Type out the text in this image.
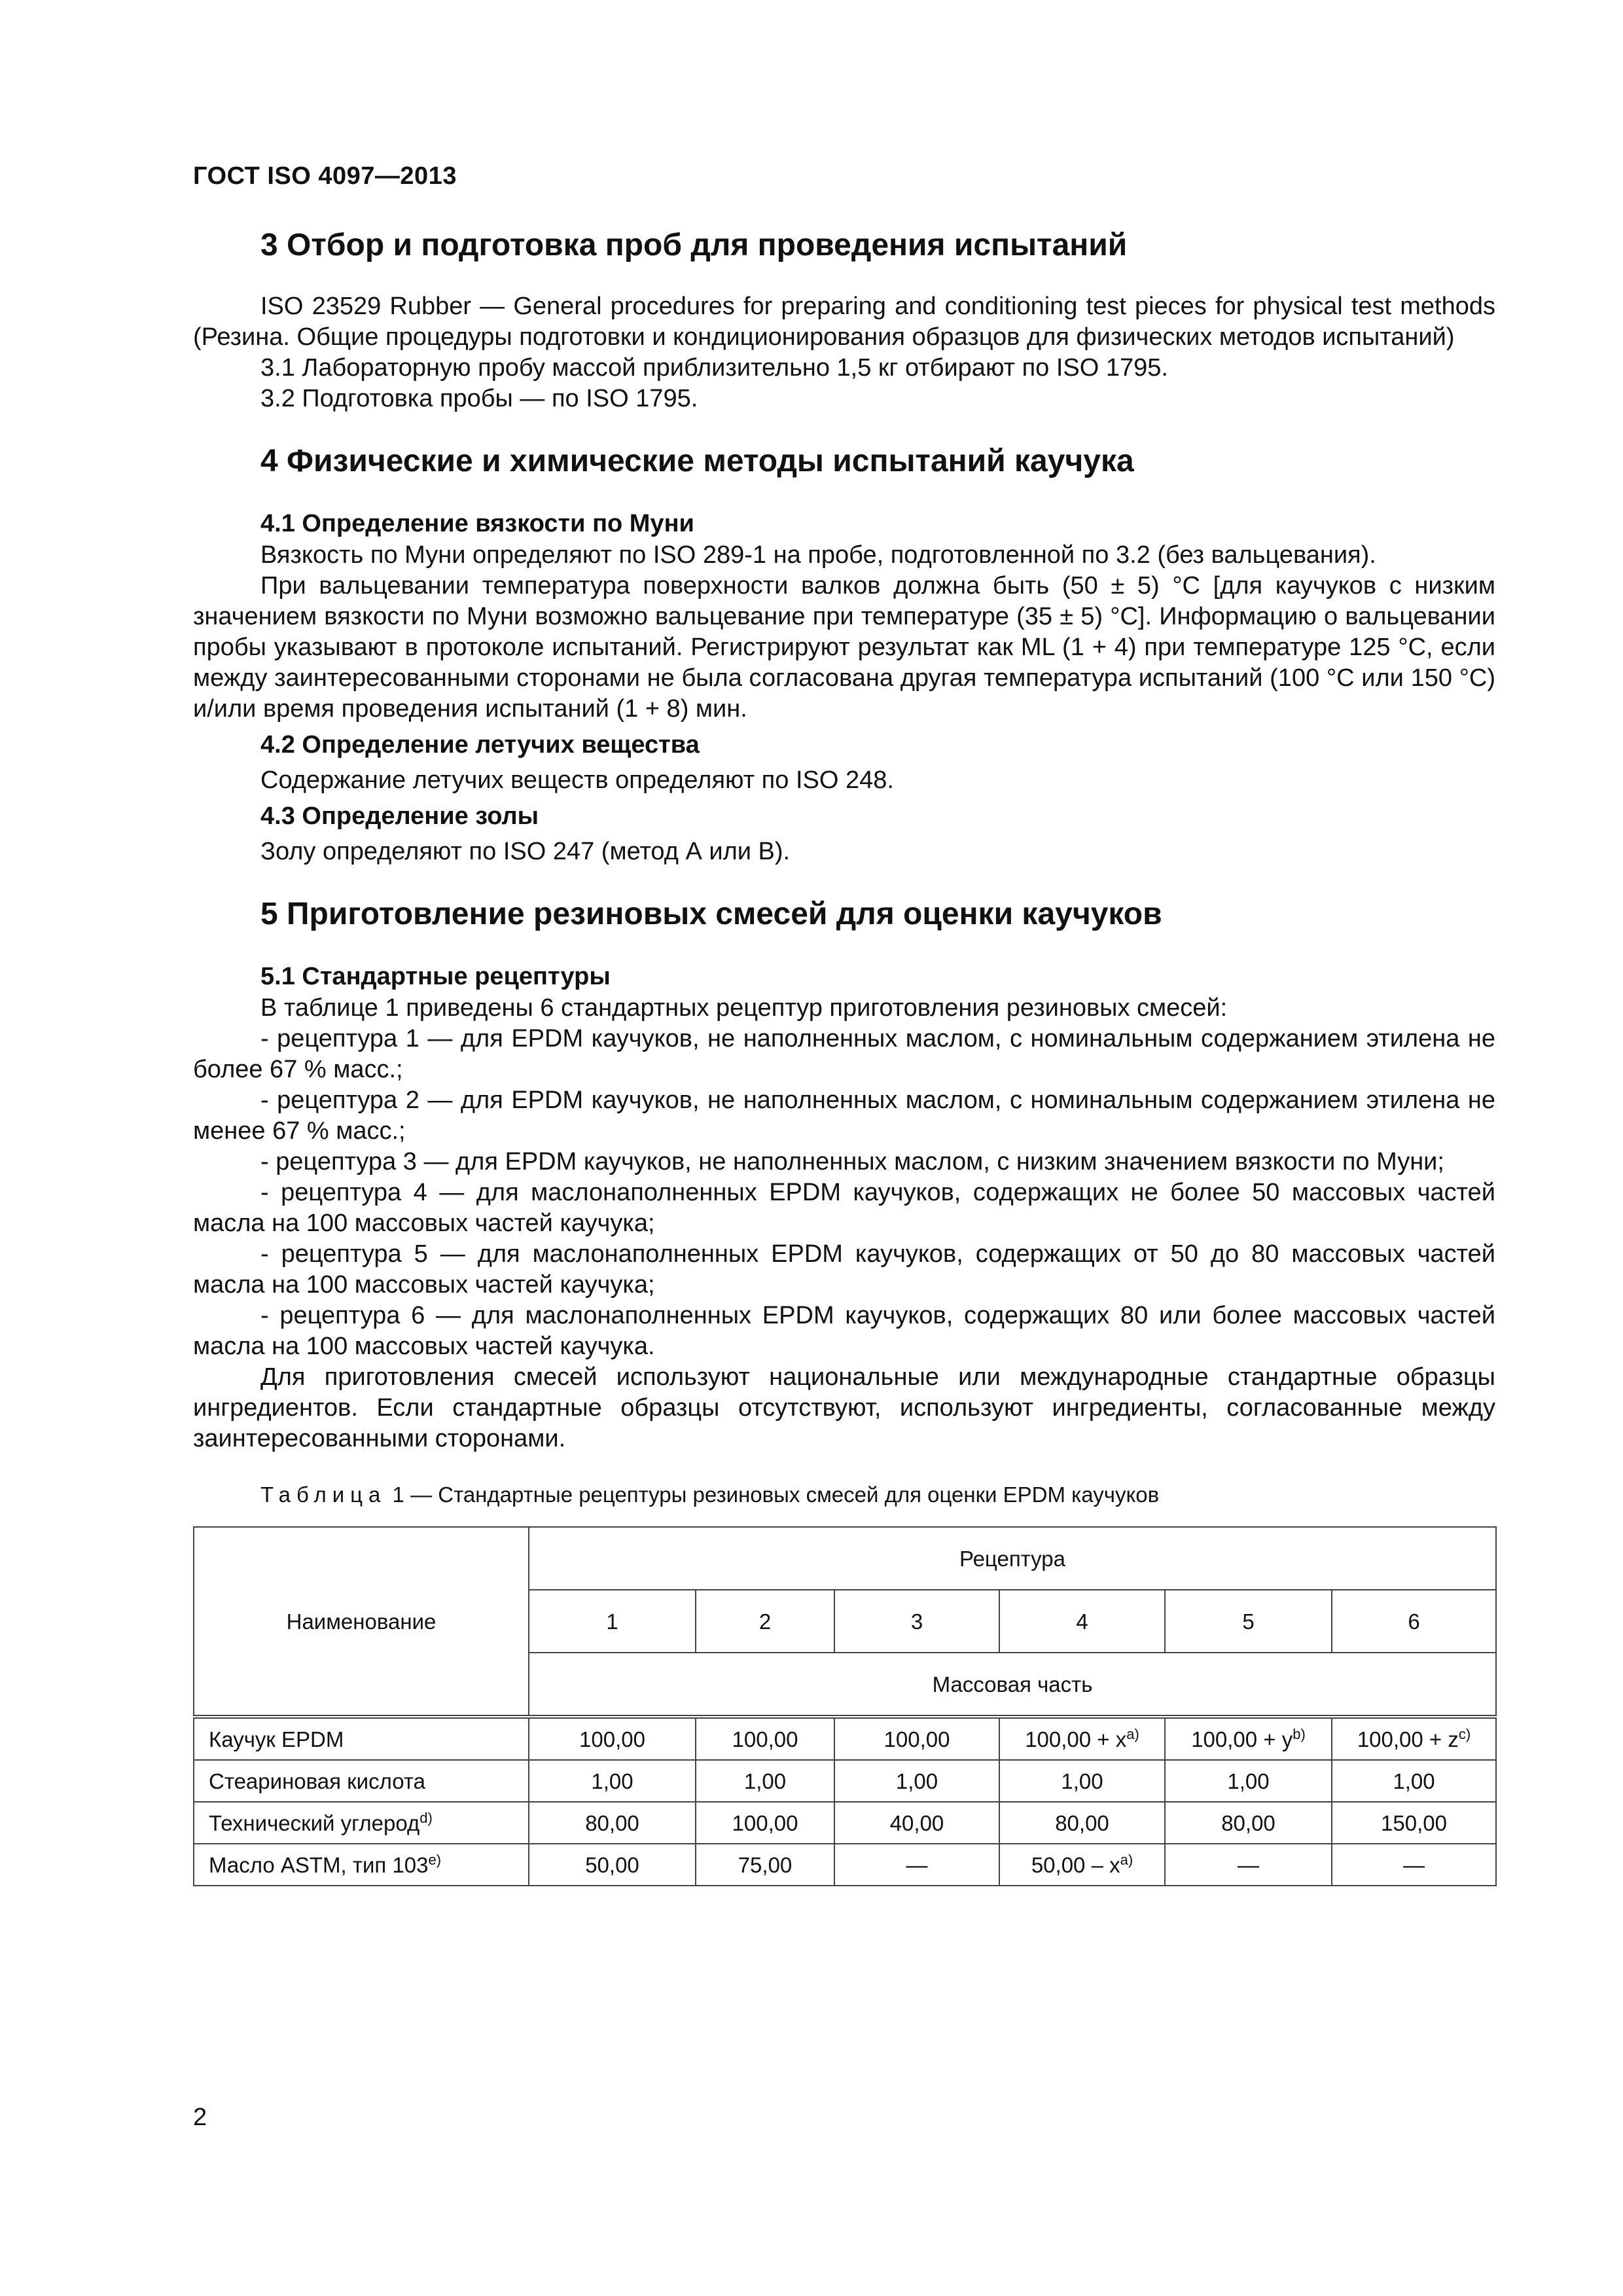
ГОСТ ISO 4097—2013
3 Отбор и подготовка проб для проведения испытаний

ISO 23529 Rubber — General procedures for preparing and conditioning test pieces for physical test methods (Резина. Общие процедуры подготовки и кондиционирования образцов для физических методов испытаний)

3.1 Лабораторную пробу массой приблизительно 1,5 кг отбирают по ISO 1795.

3.2 Подготовка пробы — по ISO 1795.

4 Физические и химические методы испытаний каучука
4.1 Определение вязкости по Муни

Вязкость по Муни определяют по ISO 289-1 на пробе, подготовленной по 3.2 (без вальцевания).

При вальцевании температура поверхности валков должна быть (50 ± 5) °С [для каучуков с низким значением вязкости по Муни возможно вальцевание при температуре (35 ± 5) °С]. Информацию о вальцевании пробы указывают в протоколе испытаний. Регистрируют результат как ML (1 + 4) при температуре 125 °С, если между заинтересованными сторонами не была согласована другая температура испытаний (100 °С или 150 °С) и/или время проведения испытаний (1 + 8) мин.

4.2 Определение летучих вещества

Содержание летучих веществ определяют по ISO 248.

4.3 Определение золы

Золу определяют по ISO 247 (метод А или В).

5 Приготовление резиновых смесей для оценки каучуков
5.1 Стандартные рецептуры

В таблице 1 приведены 6 стандартных рецептур приготовления резиновых смесей:

- рецептура 1 — для EPDM каучуков, не наполненных маслом, с номинальным содержанием этилена не более 67 % масс.;

- рецептура 2 — для EPDM каучуков, не наполненных маслом, с номинальным содержанием этилена не менее 67 % масс.;

- рецептура 3 — для EPDM каучуков, не наполненных маслом, с низким значением вязкости по Муни;

- рецептура 4 — для маслонаполненных EPDM каучуков, содержащих не более 50 массовых частей масла на 100 массовых частей каучука;

- рецептура 5 — для маслонаполненных EPDM каучуков, содержащих от 50 до 80 массовых частей масла на 100 массовых частей каучука;

- рецептура 6 — для маслонаполненных EPDM каучуков, содержащих 80 или более массовых частей масла на 100 массовых частей каучука.

Для приготовления смесей используют национальные или международные стандартные образцы ингредиентов. Если стандартные образцы отсутствуют, используют ингредиенты, согласованные между заинтересованными сторонами.

Таблица 1 — Стандартные рецептуры резиновых смесей для оценки EPDM каучуков

Наименование	Рецептура					
	1	2	3	4	5	6
	Массовая часть					
Каучук EPDM	100,00	100,00	100,00	$100,00 + x^{а)}$	$100,00 + y^{b)}$	$100,00 + z^{c)}$
Стеариновая кислота	1,00	1,00	1,00	1,00	1,00	1,00
Технический углерод$^{d)}$	80,00	100,00	40,00	80,00	80,00	150,00
Масло ASTM, тип $103^{е)}$	50,00	75,00	—	$50,00 - x^{а)}$	—	—
2
